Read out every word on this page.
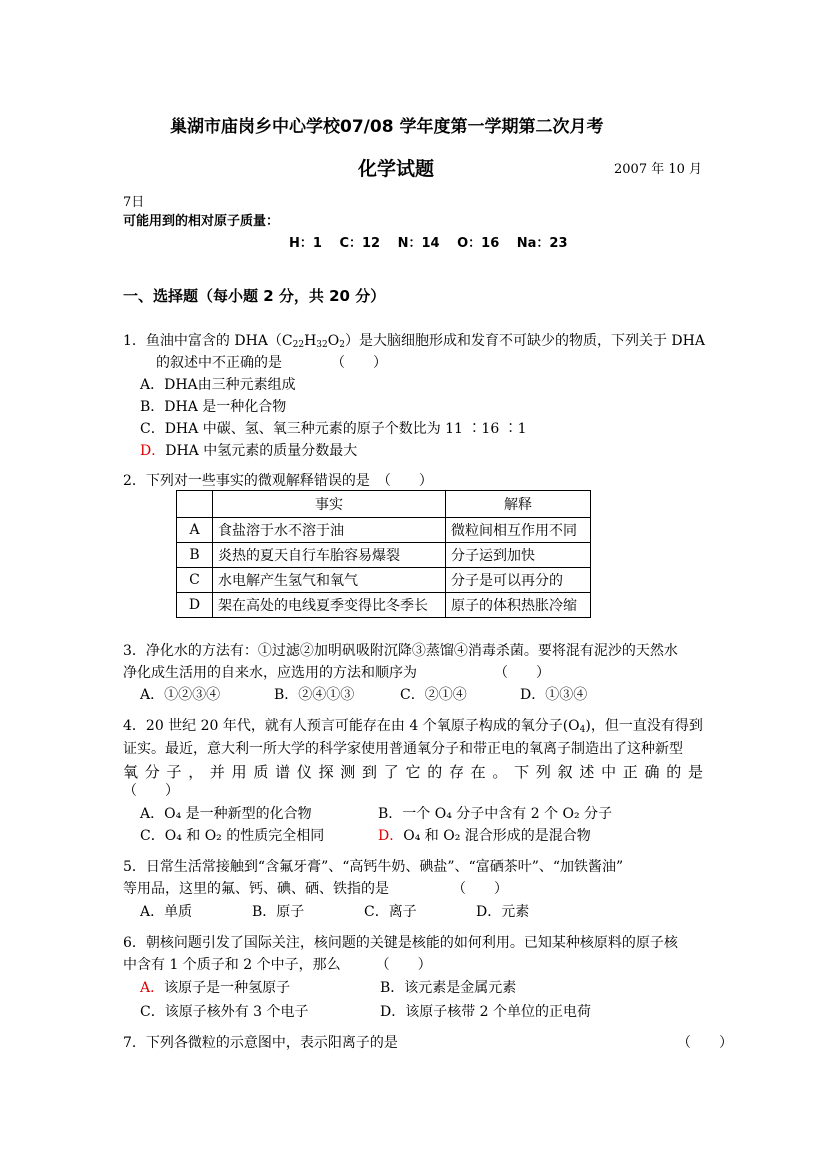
巢湖市庙岗乡中心学校07/08 学年度第一学期第二次月考
化学试题	2007 年 10 月
7日
可能用到的相对原子质量：
H：1　 C：12　 N：14　 O：16　 Na：23
一、选择题（每小题 2 分，共 20 分）
1．鱼油中富含的 $DHA(C_{22}H_{32}O_2)$是大脑细胞形成和发育不可缺少的物质，下列关于 DHA
的叙述中不正确的是　　　　（　　）
A．DHA由三种元素组成
B．DHA 是一种化合物
C．DHA 中碳、氢、氧三种元素的原子个数比为 11 ∶16 ∶1
D．DHA 中氢元素的质量分数最大
2．下列对一些事实的微观解释错误的是　（　　）
	事实	解释
A	食盐溶于水不溶于油	微粒间相互作用不同
B	炎热的夏天自行车胎容易爆裂	分子运到加快
C	水电解产生氢气和氧气	分子是可以再分的
D	架在高处的电线夏季变得比冬季长	原子的体积热胀冷缩
3．净化水的方法有：①过滤②加明矾吸附沉降③蒸馏④消毒杀菌。要将混有泥沙的天然水
净化成生活用的自来水，应选用的方法和顺序为　　　　　　（　　）
A．①②③④	B．②④①③	C．②①④	D．①③④
4．20 世纪 20 年代，就有人预言可能存在由 4 个氧原子构成的氧分子$(O_4)$，但一直没有得到
证实。最近，意大利一所大学的科学家使用普通氧分子和带正电的氧离子制造出了这种新型
氧分子，并用质谱仪探测到了它的存在。下列叙述中正确的是
（　　）
A．O₄ 是一种新型的化合物	B．一个 O₄ 分子中含有 2 个 O₂ 分子
C．O₄ 和 O₂ 的性质完全相同	D．O₄ 和 O₂ 混合形成的是混合物
5．日常生活常接触到“含氟牙膏”、“高钙牛奶、碘盐”、“富硒茶叶”、“加铁酱油”
等用品，这里的氟、钙、碘、硒、铁指的是　　　　　（　　）
A．单质	B．原子	C．离子	D．元素
6．朝核问题引发了国际关注，核问题的关键是核能的如何利用。已知某种核原料的原子核
中含有 1 个质子和 2 个中子，那么　　　（　　）
A．该原子是一种氢原子	B．该元素是金属元素
C．该原子核外有 3 个电子	D．该原子核带 2 个单位的正电荷
7．下列各微粒的示意图中，表示阳离子的是	（　　）
